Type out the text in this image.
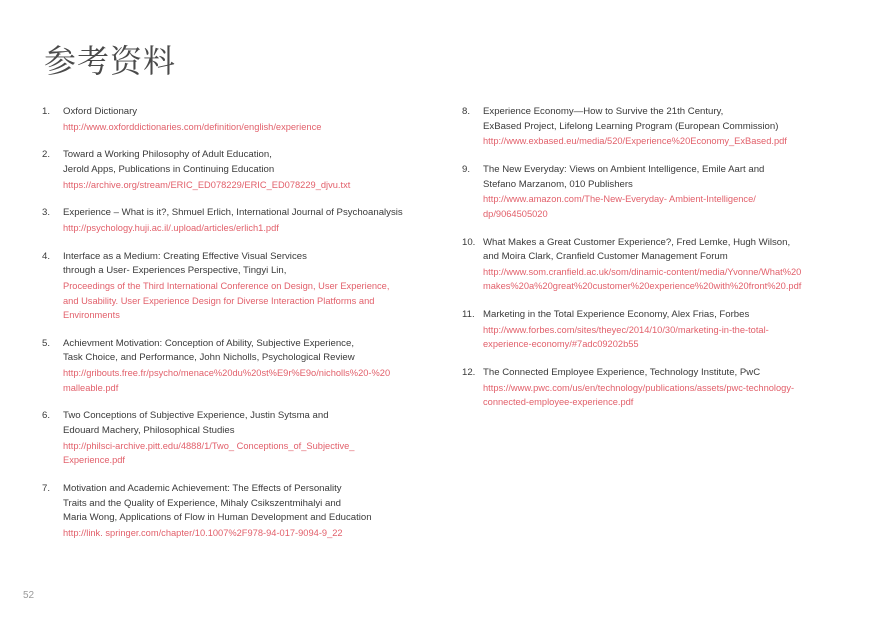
参考资料
1.	Oxford Dictionary
http://www.oxforddictionaries.com/definition/english/experience
2.	Toward a Working Philosophy of Adult Education,
Jerold Apps, Publications in Continuing Education
https://archive.org/stream/ERIC_ED078229/ERIC_ED078229_djvu.txt
3.	Experience – What is it?, Shmuel Erlich, International Journal of Psychoanalysis
http://psychology.huji.ac.il/.upload/articles/erlich1.pdf
4.	Interface as a Medium: Creating Effective Visual Services
through a User- Experiences Perspective, Tingyi Lin,
Proceedings of the Third International Conference on Design, User Experience,
and Usability. User Experience Design for Diverse Interaction Platforms and
Environments
5.	Achievment Motivation: Conception of Ability, Subjective Experience,
Task Choice, and Performance, John Nicholls, Psychological Review
http://gribouts.free.fr/psycho/menace%20du%20st%E9r%E9o/nicholls%20-%20
malleable.pdf
6.	Two Conceptions of Subjective Experience, Justin Sytsma and
Edouard Machery, Philosophical Studies
http://philsci-archive.pitt.edu/4888/1/Two_ Conceptions_of_Subjective_
Experience.pdf
7.	Motivation and Academic Achievement: The Effects of Personality
Traits and the Quality of Experience, Mihaly Csikszentmihalyi and
Maria Wong, Applications of Flow in Human Development and Education
http://link. springer.com/chapter/10.1007%2F978-94-017-9094-9_22
8.	Experience Economy—How to Survive the 21th Century,
ExBased Project, Lifelong Learning Program (European Commission)
http://www.exbased.eu/media/520/Experience%20Economy_ExBased.pdf
9.	The New Everyday: Views on Ambient Intelligence, Emile Aart and
Stefano Marzanom, 010 Publishers
http://www.amazon.com/The-New-Everyday- Ambient-Intelligence/
dp/9064505020
10. What Makes a Great Customer Experience?, Fred Lemke, Hugh Wilson,
and Moira Clark, Cranfield Customer Management Forum
http://www.som.cranfield.ac.uk/som/dinamic-content/media/Yvonne/What%20
makes%20a%20great%20customer%20experience%20with%20front%20.pdf
11. Marketing in the Total Experience Economy, Alex Frias, Forbes
http://www.forbes.com/sites/theyec/2014/10/30/marketing-in-the-total-
experience-economy/#7adc09202b55
12. The Connected Employee Experience, Technology Institute, PwC
https://www.pwc.com/us/en/technology/publications/assets/pwc-technology-
connected-employee-experience.pdf
52
